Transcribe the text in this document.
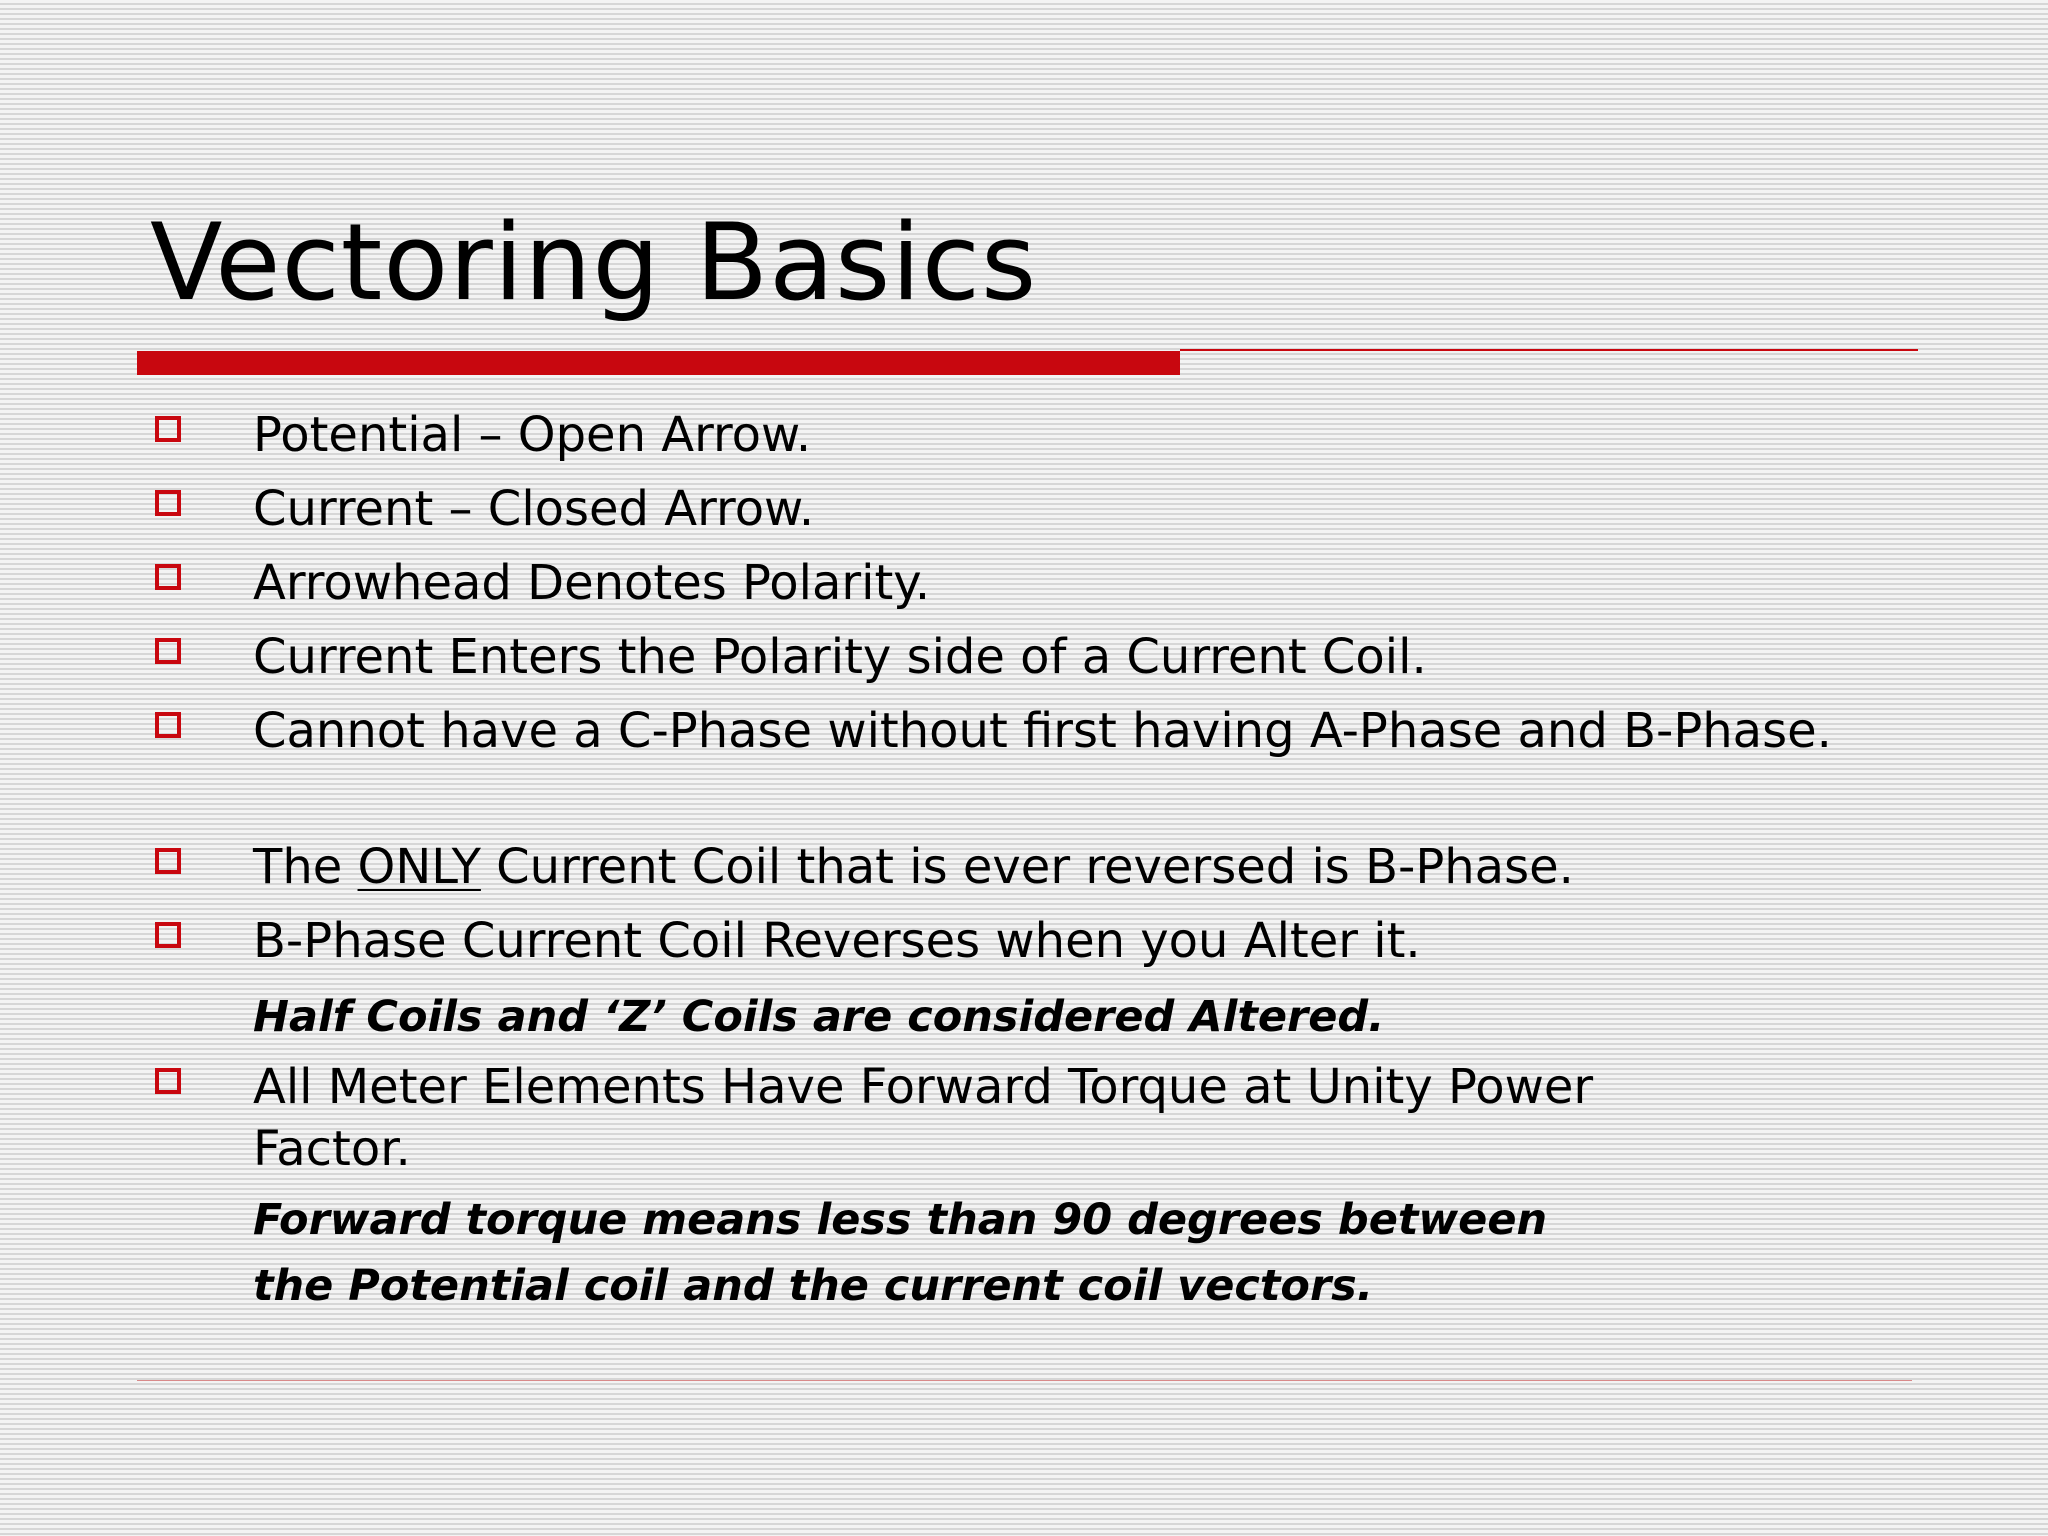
Vectoring Basics
Potential – Open Arrow.
Current – Closed Arrow.
Arrowhead Denotes Polarity.
Current Enters the Polarity side of a Current Coil.
Cannot have a C-Phase without first having A-Phase and B-Phase.
The ONLY Current Coil that is ever reversed is B-Phase.
B-Phase Current Coil Reverses when you Alter it.
Half Coils and ‘Z’ Coils are considered Altered.
All Meter Elements Have Forward Torque at Unity Power Factor.
Forward torque means less than 90 degrees between
the Potential coil and the current coil vectors.
